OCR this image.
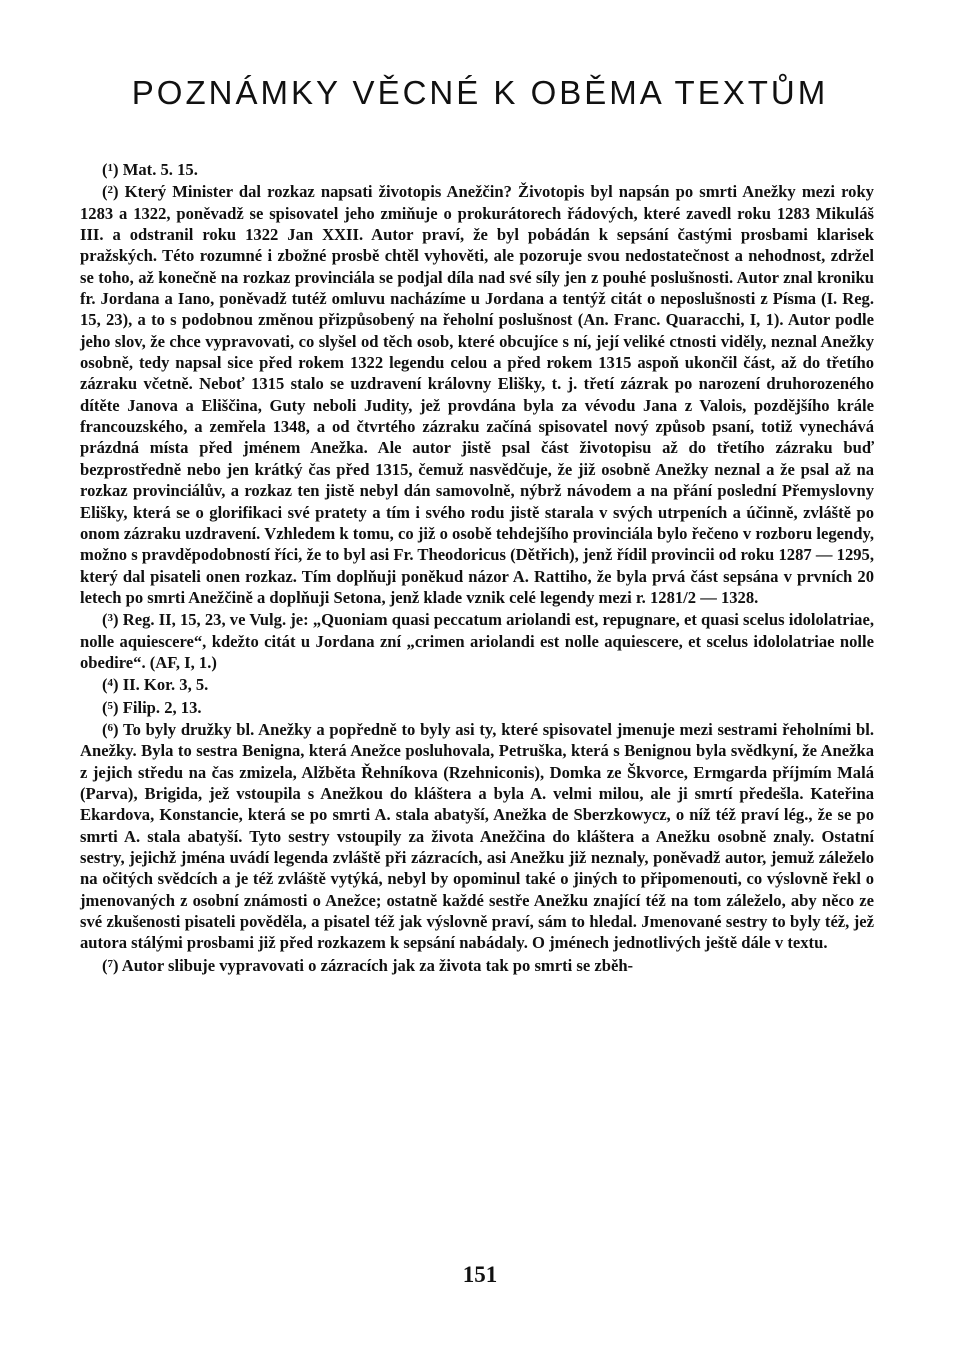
POZNÁMKY VĚCNÉ K OBĚMA TEXTŮM

($^1$) Mat. 5. 15.

($^2$) Který Minister dal rozkaz napsati životopis Anežčin? Životopis byl napsán po smrti Anežky mezi roky 1283 a 1322, poněvadž se spisovatel jeho zmiňuje o prokurátorech řádových, které zavedl roku 1283 Mikuláš III. a odstranil roku 1322 Jan XXII. Autor praví, že byl pobádán k sepsání častými prosbami klarisek pražských. Této rozumné i zbožné prosbě chtěl vyhověti, ale pozoruje svou nedostatečnost a nehodnost, zdržel se toho, až konečně na rozkaz provinciála se podjal díla nad své síly jen z pouhé poslušnosti. Autor znal kroniku fr. Jordana a Iano, poněvadž tutéž omluvu nacházíme u Jordana a tentýž citát o neposlušnosti z Písma (I. Reg. 15, 23), a to s podobnou změnou přizpůsobený na řeholní poslušnost (An. Franc. Quaracchi, I, 1). Autor podle jeho slov, že chce vypravovati, co slyšel od těch osob, které obcujíce s ní, její veliké ctnosti viděly, neznal Anežky osobně, tedy napsal sice před rokem 1322 legendu celou a před rokem 1315 aspoň ukončil část, až do třetího zázraku včetně. Neboť 1315 stalo se uzdravení královny Elišky, t. j. třetí zázrak po narození druhorozeného dítěte Janova a Eliščina, Guty neboli Judity, jež provdána byla za vévodu Jana z Valois, pozdějšího krále francouzského, a zemřela 1348, a od čtvrtého zázraku začíná spisovatel nový způsob psaní, totiž vynechává prázdná místa před jménem Anežka. Ale autor jistě psal část životopisu až do třetího zázraku buď bezprostředně nebo jen krátký čas před 1315, čemuž nasvědčuje, že již osobně Anežky neznal a že psal až na rozkaz provinciálův, a rozkaz ten jistě nebyl dán samovolně, nýbrž návodem a na přání poslední Přemyslovny Elišky, která se o glorifikaci své pratety a tím i svého rodu jistě starala v svých utrpeních a účinně, zvláště po onom zázraku uzdravení. Vzhledem k tomu, co již o osobě tehdejšího provinciála bylo řečeno v rozboru legendy, možno s pravděpodobností říci, že to byl asi Fr. Theodoricus (Dětřich), jenž řídil provincii od roku 1287 — 1295, který dal pisateli onen rozkaz. Tím doplňuji poněkud názor A. Rattiho, že byla prvá část sepsána v prvních 20 letech po smrti Anežčině a doplňuji Setona, jenž klade vznik celé legendy mezi r. 1281/2 — 1328.

($^3$) Reg. II, 15, 23, ve Vulg. je: „Quoniam quasi peccatum ariolandi est, repugnare, et quasi scelus idololatriae, nolle aquiescere“, kdežto citát u Jordana zní „crimen ariolandi est nolle aquiescere, et scelus idololatriae nolle obedire“. (AF, I, 1.)

($^4$) II. Kor. 3, 5.

($^5$) Filip. 2, 13.

($^6$) To byly družky bl. Anežky a popředně to byly asi ty, které spisovatel jmenuje mezi sestrami řeholními bl. Anežky. Byla to sestra Benigna, která Anežce posluhovala, Petruška, která s Benignou byla svědkyní, že Anežka z jejich středu na čas zmizela, Alžběta Řehníkova (Rzehniconis), Domka ze Škvorce, Ermgarda příjmím Malá (Parva), Brigida, jež vstoupila s Anežkou do kláštera a byla A. velmi milou, ale ji smrtí předešla. Kateřina Ekardova, Konstancie, která se po smrti A. stala abatyší, Anežka de Sberzkowycz, o níž též praví lég., že se po smrti A. stala abatyší. Tyto sestry vstoupily za života Anežčina do kláštera a Anežku osobně znaly. Ostatní sestry, jejichž jména uvádí legenda zvláště při zázracích, asi Anežku již neznaly, poněvadž autor, jemuž záleželo na očitých svědcích a je též zvláště vytýká, nebyl by opominul také o jiných to připomenouti, co výslovně řekl o jmenovaných z osobní známosti o Anežce; ostatně každé sestře Anežku znající též na tom záleželo, aby něco ze své zkušenosti pisateli pověděla, a pisatel též jak výslovně praví, sám to hledal. Jmenované sestry to byly též, jež autora stálými prosbami již před rozkazem k sepsání nabádaly. O jménech jednotlivých ještě dále v textu.

($^7$) Autor slibuje vypravovati o zázracích jak za života tak po smrti se zběh-

151
